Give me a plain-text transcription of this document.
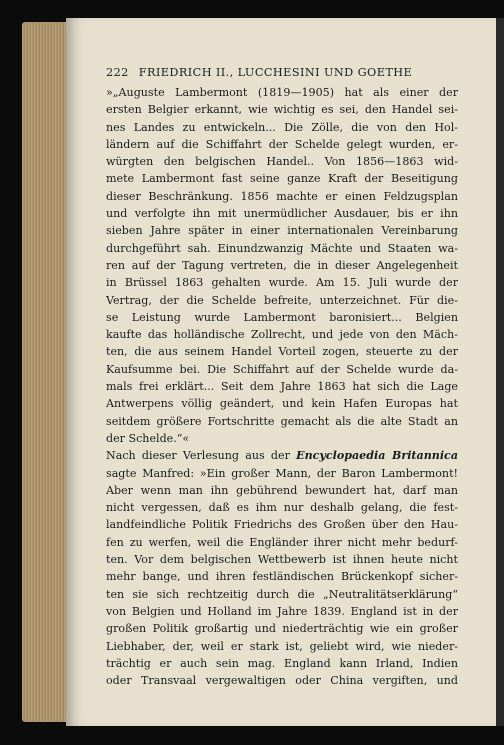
222 FRIEDRICH II., LUCCHESINI UND GOETHE
»„Auguste Lambermont (1819—1905) hat als einer der
ersten Belgier erkannt, wie wichtig es sei, den Handel sei-
nes Landes zu entwickeln... Die Zölle, die von den Hol-
ländern auf die Schiffahrt der Schelde gelegt wurden, er-
würgten den belgischen Handel.. Von 1856—1863 wid-
mete Lambermont fast seine ganze Kraft der Beseitigung
dieser Beschränkung. 1856 machte er einen Feldzugsplan
und verfolgte ihn mit unermüdlicher Ausdauer, bis er ihn
sieben Jahre später in einer internationalen Vereinbarung
durchgeführt sah. Einundzwanzig Mächte und Staaten wa-
ren auf der Tagung vertreten, die in dieser Angelegenheit
in Brüssel 1863 gehalten wurde. Am 15. Juli wurde der
Vertrag, der die Schelde befreite, unterzeichnet. Für die-
se Leistung wurde Lambermont baronisiert... Belgien
kaufte das holländische Zollrecht, und jede von den Mäch-
ten, die aus seinem Handel Vorteil zogen, steuerte zu der
Kaufsumme bei. Die Schiffahrt auf der Schelde wurde da-
mals frei erklärt... Seit dem Jahre 1863 hat sich die Lage
Antwerpens völlig geändert, und kein Hafen Europas hat
seitdem größere Fortschritte gemacht als die alte Stadt an
der Schelde.“«
Nach dieser Verlesung aus der Encyclopaedia Britannica
sagte Manfred: »Ein großer Mann, der Baron Lambermont!
Aber wenn man ihn gebührend bewundert hat, darf man
nicht vergessen, daß es ihm nur deshalb gelang, die fest-
landfeindliche Politik Friedrichs des Großen über den Hau-
fen zu werfen, weil die Engländer ihrer nicht mehr bedurf-
ten. Vor dem belgischen Wettbewerb ist ihnen heute nicht
mehr bange, und ihren festländischen Brückenkopf sicher-
ten sie sich rechtzeitig durch die „Neutralitätserklärung“
von Belgien und Holland im Jahre 1839. England ist in der
großen Politik großartig und niederträchtig wie ein großer
Liebhaber, der, weil er stark ist, geliebt wird, wie nieder-
trächtig er auch sein mag. England kann Irland, Indien
oder Transvaal vergewaltigen oder China vergiften, und
